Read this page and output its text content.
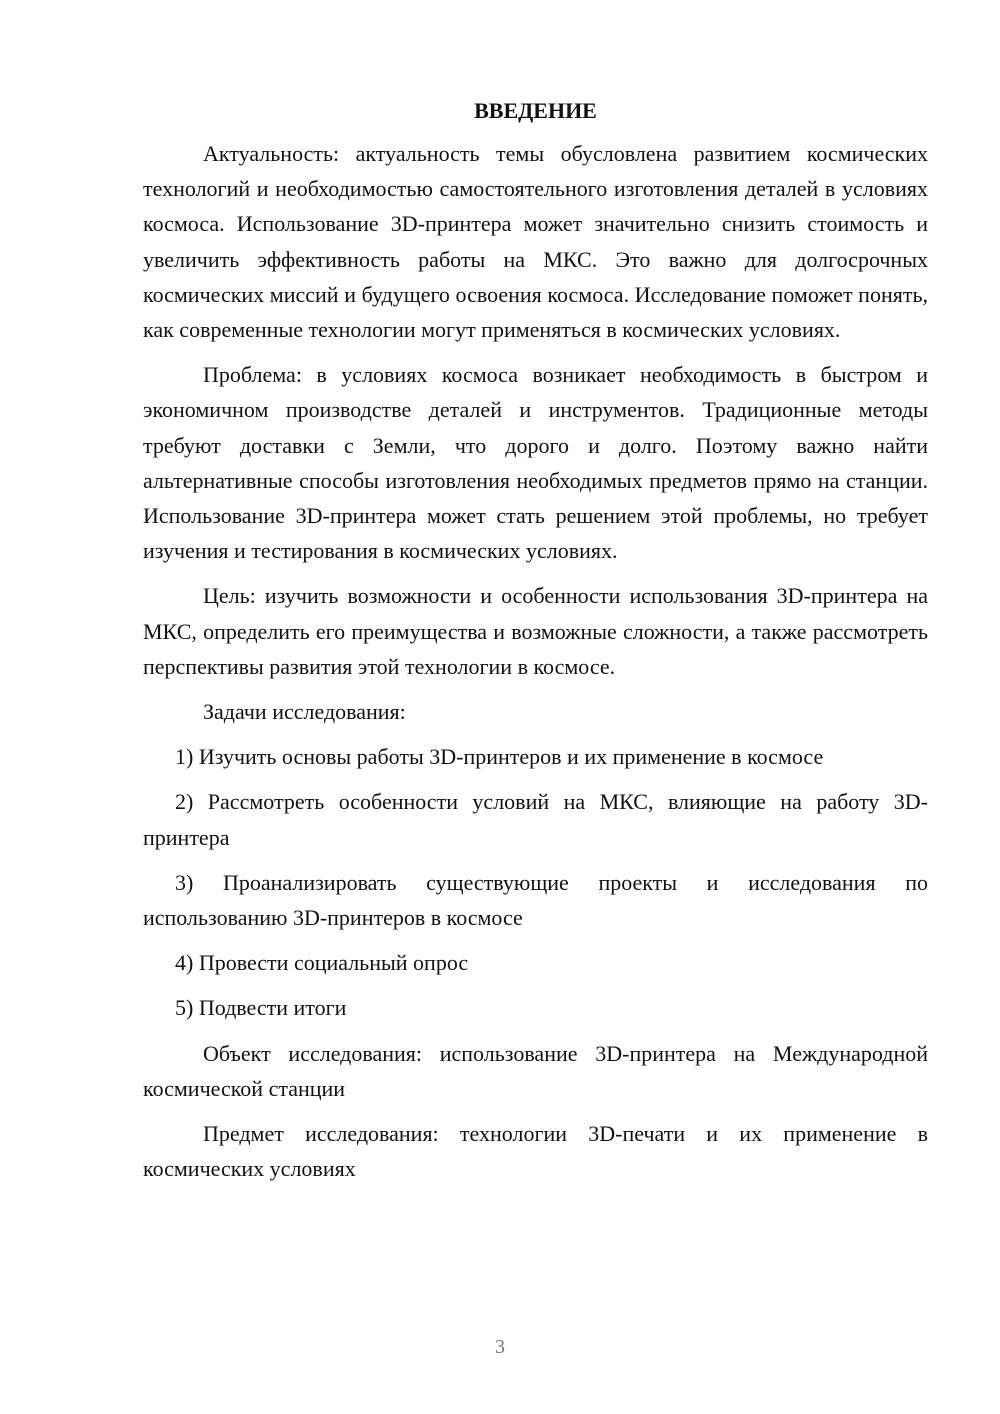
ВВЕДЕНИЕ

Актуальность: актуальность темы обусловлена развитием космических технологий и необходимостью самостоятельного изготовления деталей в условиях космоса. Использование 3D-принтера может значительно снизить стоимость и увеличить эффективность работы на МКС. Это важно для долгосрочных космических миссий и будущего освоения космоса. Исследование поможет понять, как современные технологии могут применяться в космических условиях.

Проблема: в условиях космоса возникает необходимость в быстром и экономичном производстве деталей и инструментов. Традиционные методы требуют доставки с Земли, что дорого и долго. Поэтому важно найти альтернативные способы изготовления необходимых предметов прямо на станции. Использование 3D-принтера может стать решением этой проблемы, но требует изучения и тестирования в космических условиях.

Цель: изучить возможности и особенности использования 3D-принтера на МКС, определить его преимущества и возможные сложности, а также рассмотреть перспективы развития этой технологии в космосе.

Задачи исследования:

1) Изучить основы работы 3D-принтеров и их применение в космосе

2) Рассмотреть особенности условий на МКС, влияющие на работу 3D-принтера

3) Проанализировать существующие проекты и исследования по использованию 3D-принтеров в космосе

4) Провести социальный опрос

5) Подвести итоги

Объект исследования: использование 3D-принтера на Международной космической станции

Предмет исследования: технологии 3D-печати и их применение в космических условиях

3
